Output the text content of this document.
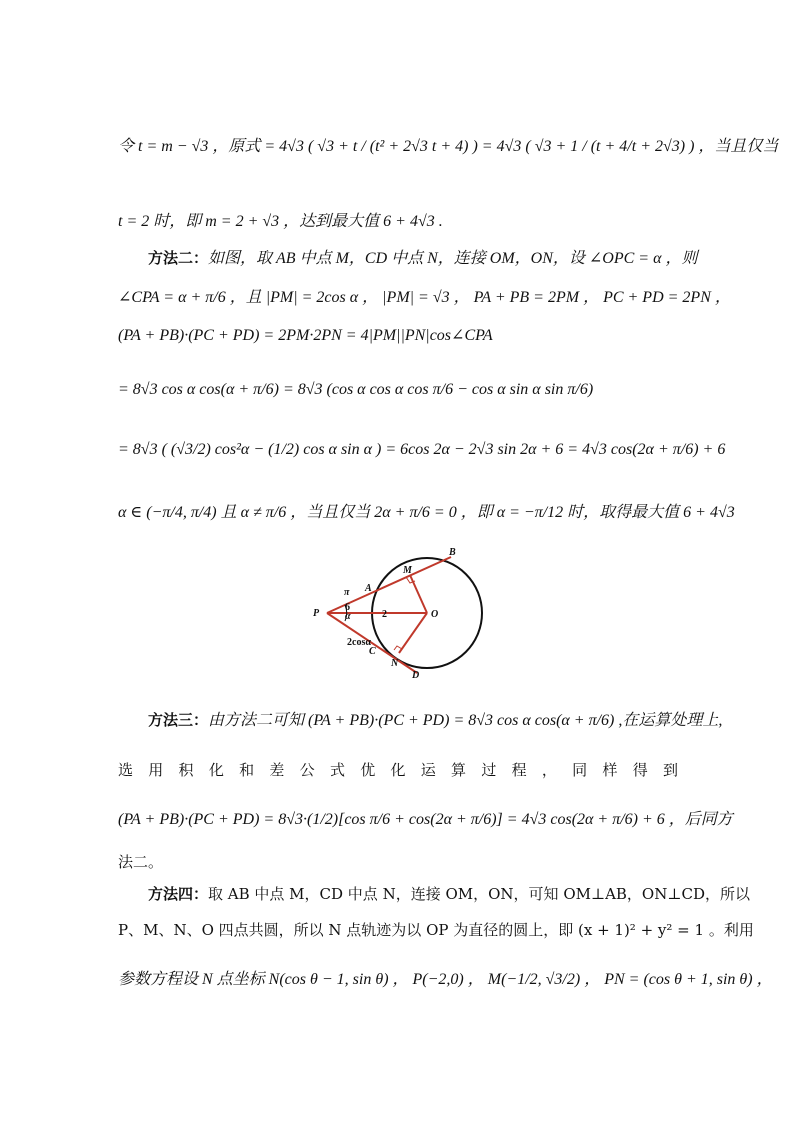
令 t = m − √3 ，原式 = 4√3 ( √3 + t / (t² + 2√3 t + 4) ) = 4√3 ( √3 + 1 / (t + 4/t + 2√3) ) ，当且仅当
t = 2 时，即 m = 2 + √3 ，达到最大值 6 + 4√3 .
方法二：如图，取 AB 中点 M，CD 中点 N，连接 OM，ON，设 ∠OPC = α ，则
∠CPA = α + π/6 ，且 |PM| = 2cos α ， |PM| = √3 ， PA + PB = 2PM ， PC + PD = 2PN ，
(PA + PB)·(PC + PD) = 2PM·2PN = 4|PM||PN|cos∠CPA
= 8√3 cos α cos(α + π/6) = 8√3 (cos α cos α cos π/6 − cos α sin α sin π/6)
= 8√3 ( (√3/2) cos²α − (1/2) cos α sin α ) = 6cos 2α − 2√3 sin 2α + 6 = 4√3 cos(2α + π/6) + 6
α ∈ (−π/4, π/4) 且 α ≠ π/6 ，当且仅当 2α + π/6 = 0 ，即 α = −π/12 时，取得最大值 6 + 4√3
P
A
B
M
O
C
N
D
2
π
6
α
2cosα
方法三：由方法二可知 (PA + PB)·(PC + PD) = 8√3 cos α cos(α + π/6) ,在运算处理上,
选 用 积 化 和 差 公 式 优 化 运 算 过 程 ， 同 样 得 到
(PA + PB)·(PC + PD) = 8√3·(1/2)[cos π/6 + cos(2α + π/6)] = 4√3 cos(2α + π/6) + 6 ，后同方
法二。
方法四：取 AB 中点 M，CD 中点 N，连接 OM，ON，可知 OM⊥AB，ON⊥CD，所以
P、M、N、O 四点共圆，所以 N 点轨迹为以 OP 为直径的圆上，即 (x + 1)² + y² = 1 。利用
参数方程设 N 点坐标 N(cos θ − 1, sin θ) ， P(−2,0) ， M(−1/2, √3/2) ， PN = (cos θ + 1, sin θ) ，
